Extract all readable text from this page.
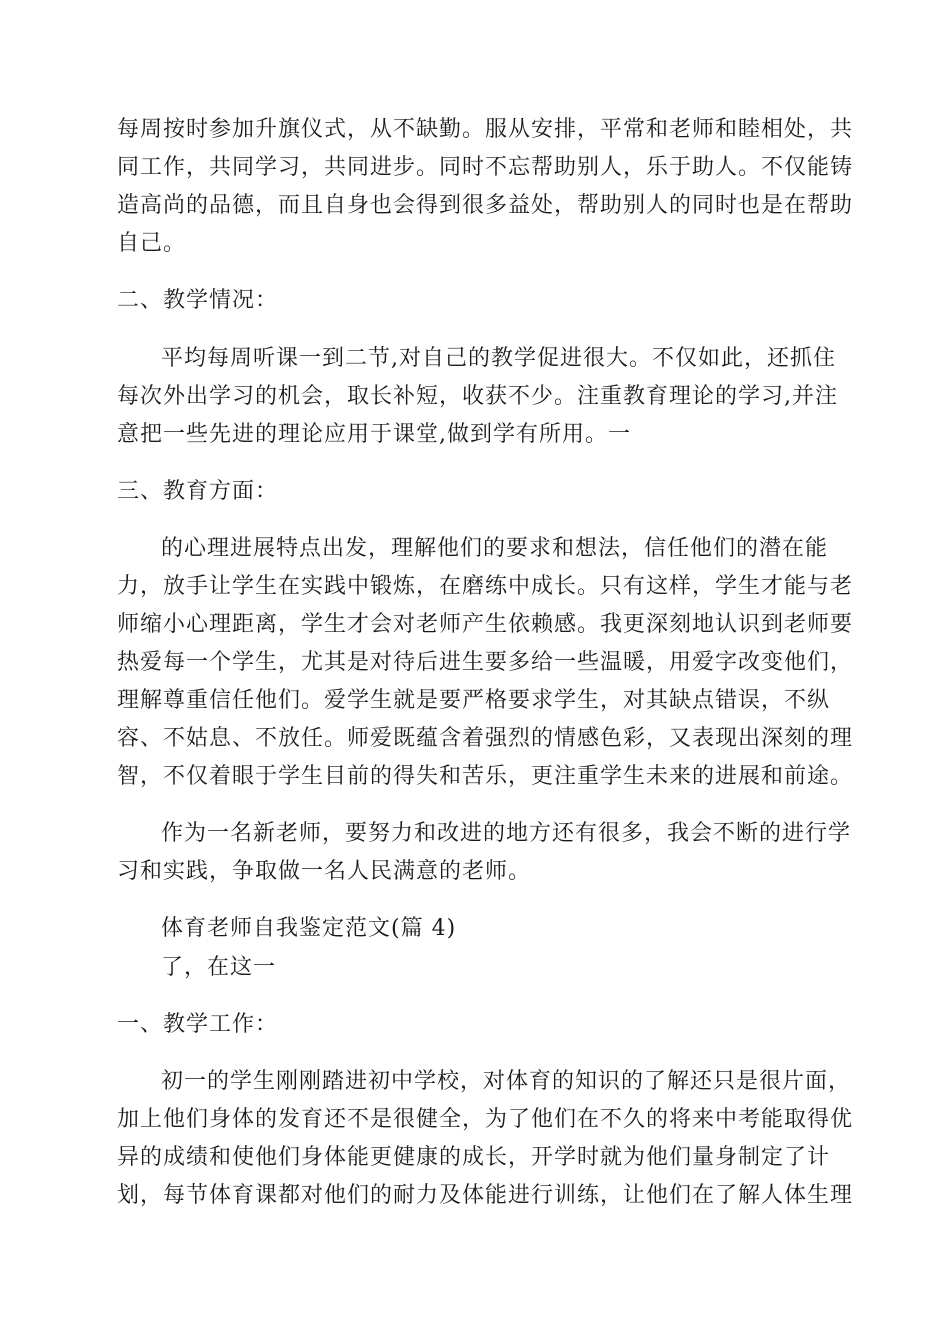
每周按时参加升旗仪式，从不缺勤。服从安排，平常和老师和睦相处，共
同工作，共同学习，共同进步。同时不忘帮助别人，乐于助人。不仅能铸
造高尚的品德，而且自身也会得到很多益处，帮助别人的同时也是在帮助
自己。
二、教学情况：
平均每周听课一到二节,对自己的教学促进很大。不仅如此，还抓住
每次外出学习的机会，取长补短，收获不少。注重教育理论的学习,并注
意把一些先进的理论应用于课堂,做到学有所用。一
三、教育方面：
的心理进展特点出发，理解他们的要求和想法，信任他们的潜在能
力，放手让学生在实践中锻炼，在磨练中成长。只有这样，学生才能与老
师缩小心理距离，学生才会对老师产生依赖感。我更深刻地认识到老师要
热爱每一个学生，尤其是对待后进生要多给一些温暖，用爱字改变他们，
理解尊重信任他们。爱学生就是要严格要求学生，对其缺点错误，不纵
容、不姑息、不放任。师爱既蕴含着强烈的情感色彩，又表现出深刻的理
智，不仅着眼于学生目前的得失和苦乐，更注重学生未来的进展和前途。
作为一名新老师，要努力和改进的地方还有很多，我会不断的进行学
习和实践，争取做一名人民满意的老师。
体育老师自我鉴定范文(篇 4)
了，在这一
一、教学工作：
初一的学生刚刚踏进初中学校，对体育的知识的了解还只是很片面，
加上他们身体的发育还不是很健全，为了他们在不久的将来中考能取得优
异的成绩和使他们身体能更健康的成长，开学时就为他们量身制定了计
划，每节体育课都对他们的耐力及体能进行训练，让他们在了解人体生理
